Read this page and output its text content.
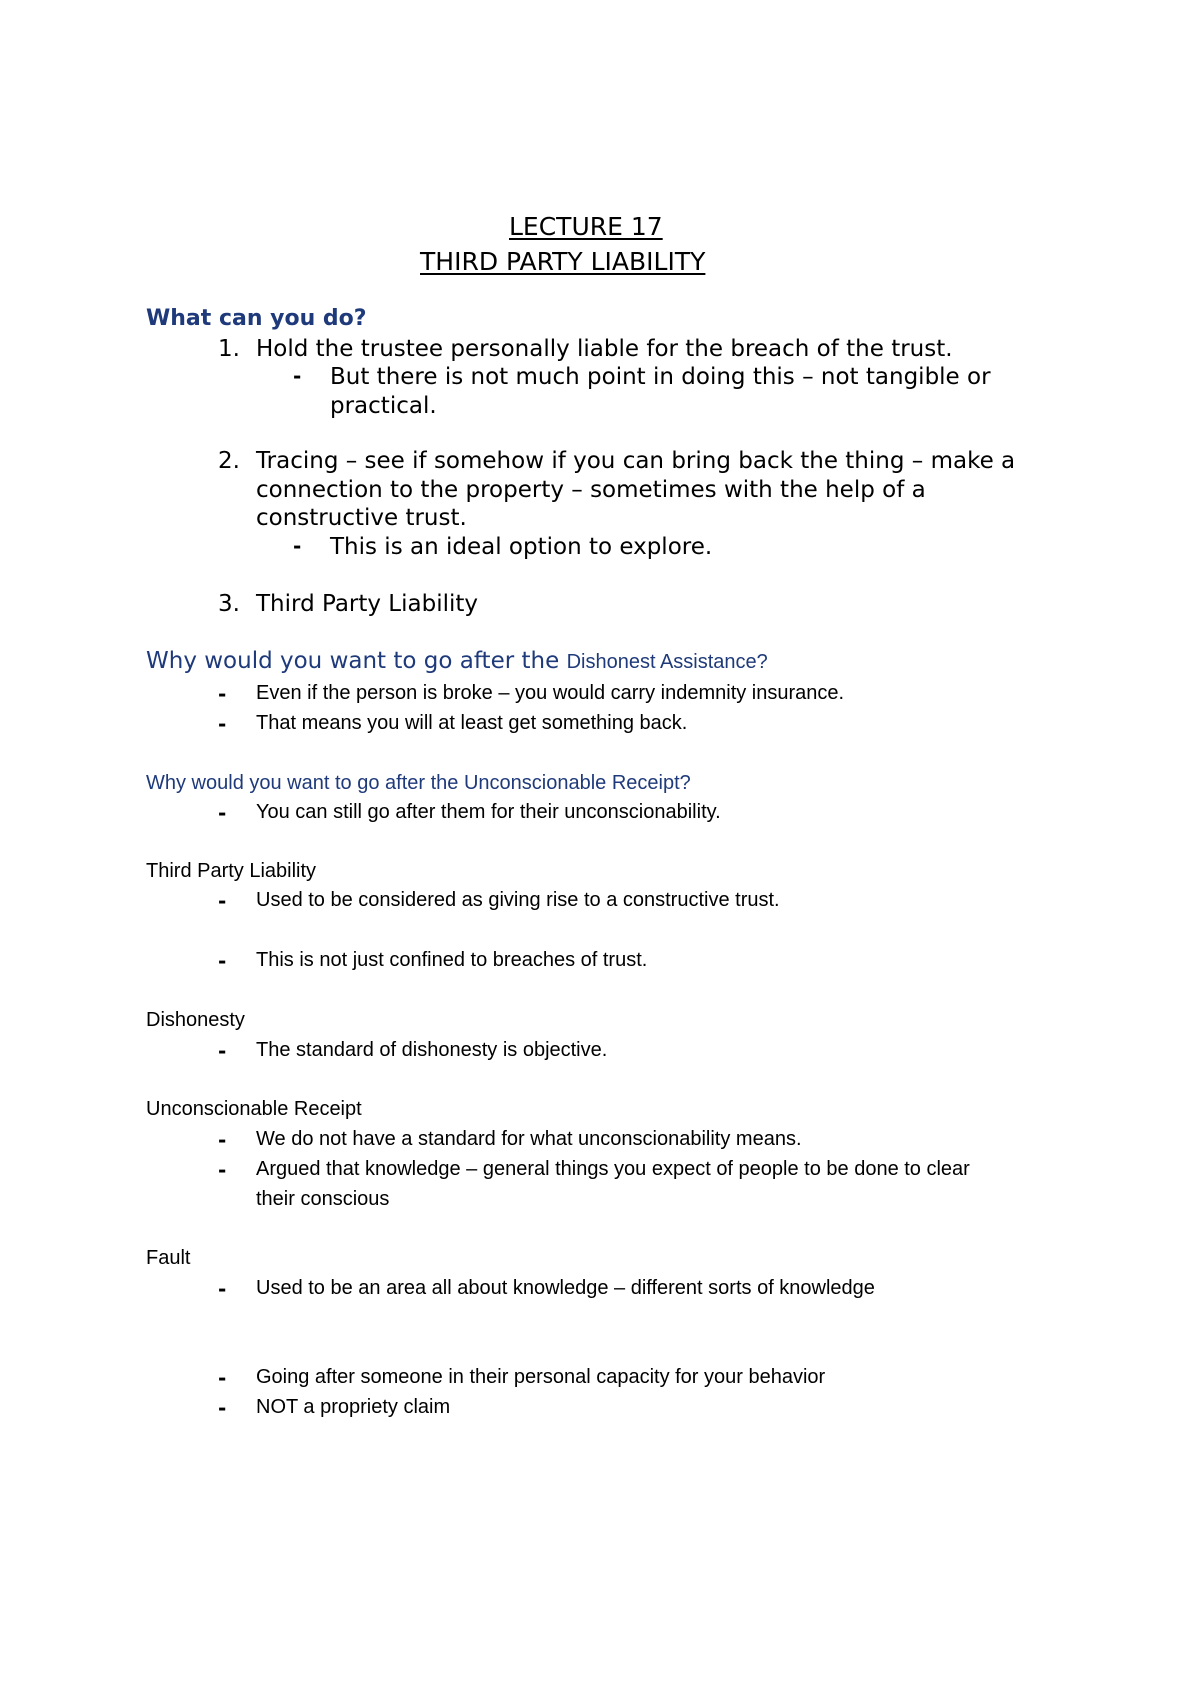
LECTURE 17
THIRD PARTY LIABILITY
What can you do?
1. Hold the trustee personally liable for the breach of the trust.
- But there is not much point in doing this – not tangible or
practical.
2. Tracing – see if somehow if you can bring back the thing – make a
connection to the property – sometimes with the help of a
constructive trust.
- This is an ideal option to explore.
3. Third Party Liability
Why would you want to go after the Dishonest Assistance?
- Even if the person is broke – you would carry indemnity insurance.
- That means you will at least get something back.
Why would you want to go after the Unconscionable Receipt?
- You can still go after them for their unconscionability.
Third Party Liability
- Used to be considered as giving rise to a constructive trust.
- This is not just confined to breaches of trust.
Dishonesty
- The standard of dishonesty is objective.
Unconscionable Receipt
- We do not have a standard for what unconscionability means.
- Argued that knowledge – general things you expect of people to be done to clear
their conscious
Fault
- Used to be an area all about knowledge – different sorts of knowledge
- Going after someone in their personal capacity for your behavior
- NOT a propriety claim
